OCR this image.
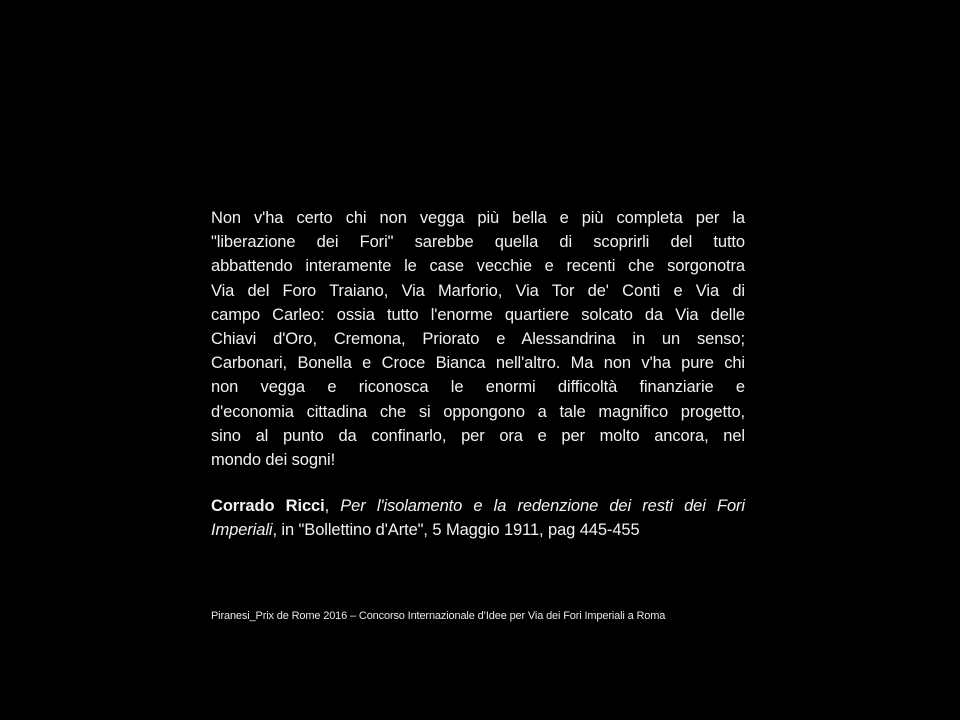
Non v'ha certo chi non vegga più bella e più completa per la
"liberazione dei Fori" sarebbe quella di scoprirli del tutto
abbattendo interamente le case vecchie e recenti che sorgonotra
Via del Foro Traiano, Via Marforio, Via Tor de' Conti e Via di
campo Carleo: ossia tutto l'enorme quartiere solcato da Via delle
Chiavi d'Oro, Cremona, Priorato e Alessandrina in un senso;
Carbonari, Bonella e Croce Bianca nell'altro. Ma non v'ha pure chi
non vegga e riconosca le enormi difficoltà finanziarie e
d'economia cittadina che si oppongono a tale magnifico progetto,
sino al punto da confinarlo, per ora e per molto ancora, nel
mondo dei sogni!
Corrado Ricci, Per l'isolamento e la redenzione dei resti dei Fori
Imperiali, in "Bollettino d'Arte", 5 Maggio 1911, pag 445-455
Piranesi_Prix de Rome 2016 – Concorso Internazionale d’Idee per Via dei Fori Imperiali a Roma
